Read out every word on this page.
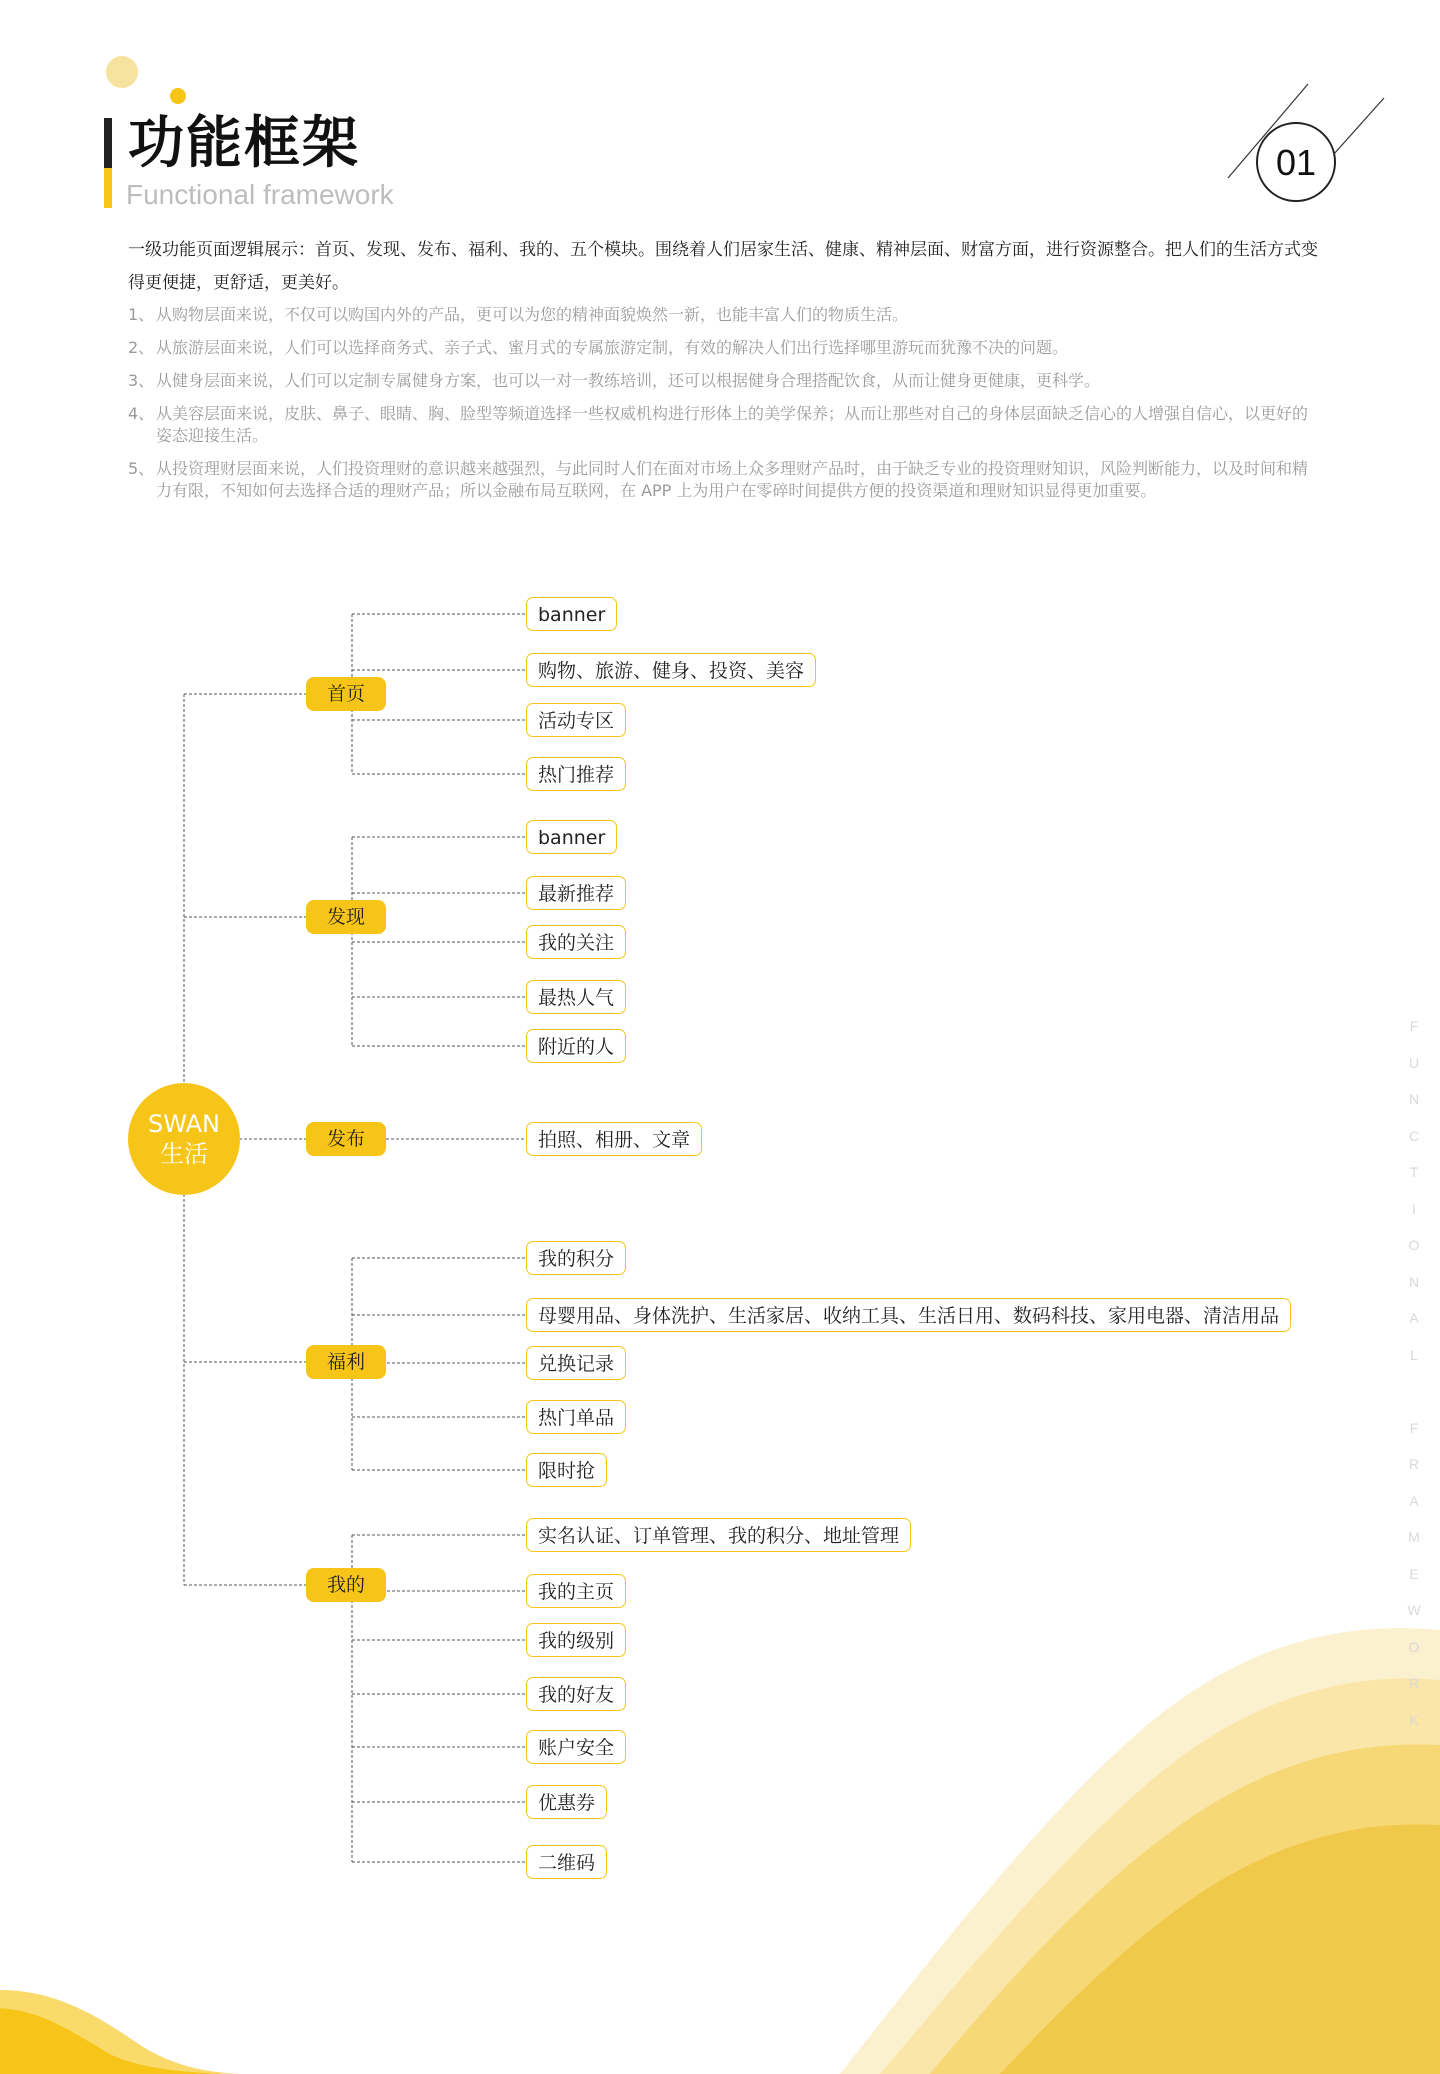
功能框架
Functional framework
01
一级功能页面逻辑展示：首页、发现、发布、福利、我的、五个模块。围绕着人们居家生活、健康、精神层面、财富方面，进行资源整合。把人们的生活方式变得更便捷，更舒适，更美好。
1、 从购物层面来说，不仅可以购国内外的产品，更可以为您的精神面貌焕然一新，也能丰富人们的物质生活。
2、 从旅游层面来说，人们可以选择商务式、亲子式、蜜月式的专属旅游定制，有效的解决人们出行选择哪里游玩而犹豫不决的问题。
3、 从健身层面来说，人们可以定制专属健身方案，也可以一对一教练培训，还可以根据健身合理搭配饮食，从而让健身更健康，更科学。
4、 从美容层面来说，皮肤、鼻子、眼睛、胸、脸型等频道选择一些权威机构进行形体上的美学保养；从而让那些对自己的身体层面缺乏信心的人增强自信心，以更好的姿态迎接生活。
5、 从投资理财层面来说，人们投资理财的意识越来越强烈，与此同时人们在面对市场上众多理财产品时，由于缺乏专业的投资理财知识，风险判断能力，以及时间和精力有限，不知如何去选择合适的理财产品；所以金融布局互联网，在 APP 上为用户在零碎时间提供方便的投资渠道和理财知识显得更加重要。
F
U
N
C
T
I
O
N
A
L
F
R
A
M
E
W
O
R
K
SWAN
生活
首页
banner
购物、旅游、健身、投资、美容
活动专区
热门推荐
发现
banner
最新推荐
我的关注
最热人气
附近的人
发布	拍照、相册、文章
福利
我的积分
母婴用品、身体洗护、生活家居、收纳工具、生活日用、数码科技、家用电器、清洁用品
兑换记录
热门单品
限时抢
我的
实名认证、订单管理、我的积分、地址管理
我的主页
我的级别
我的好友
账户安全
优惠券
二维码
